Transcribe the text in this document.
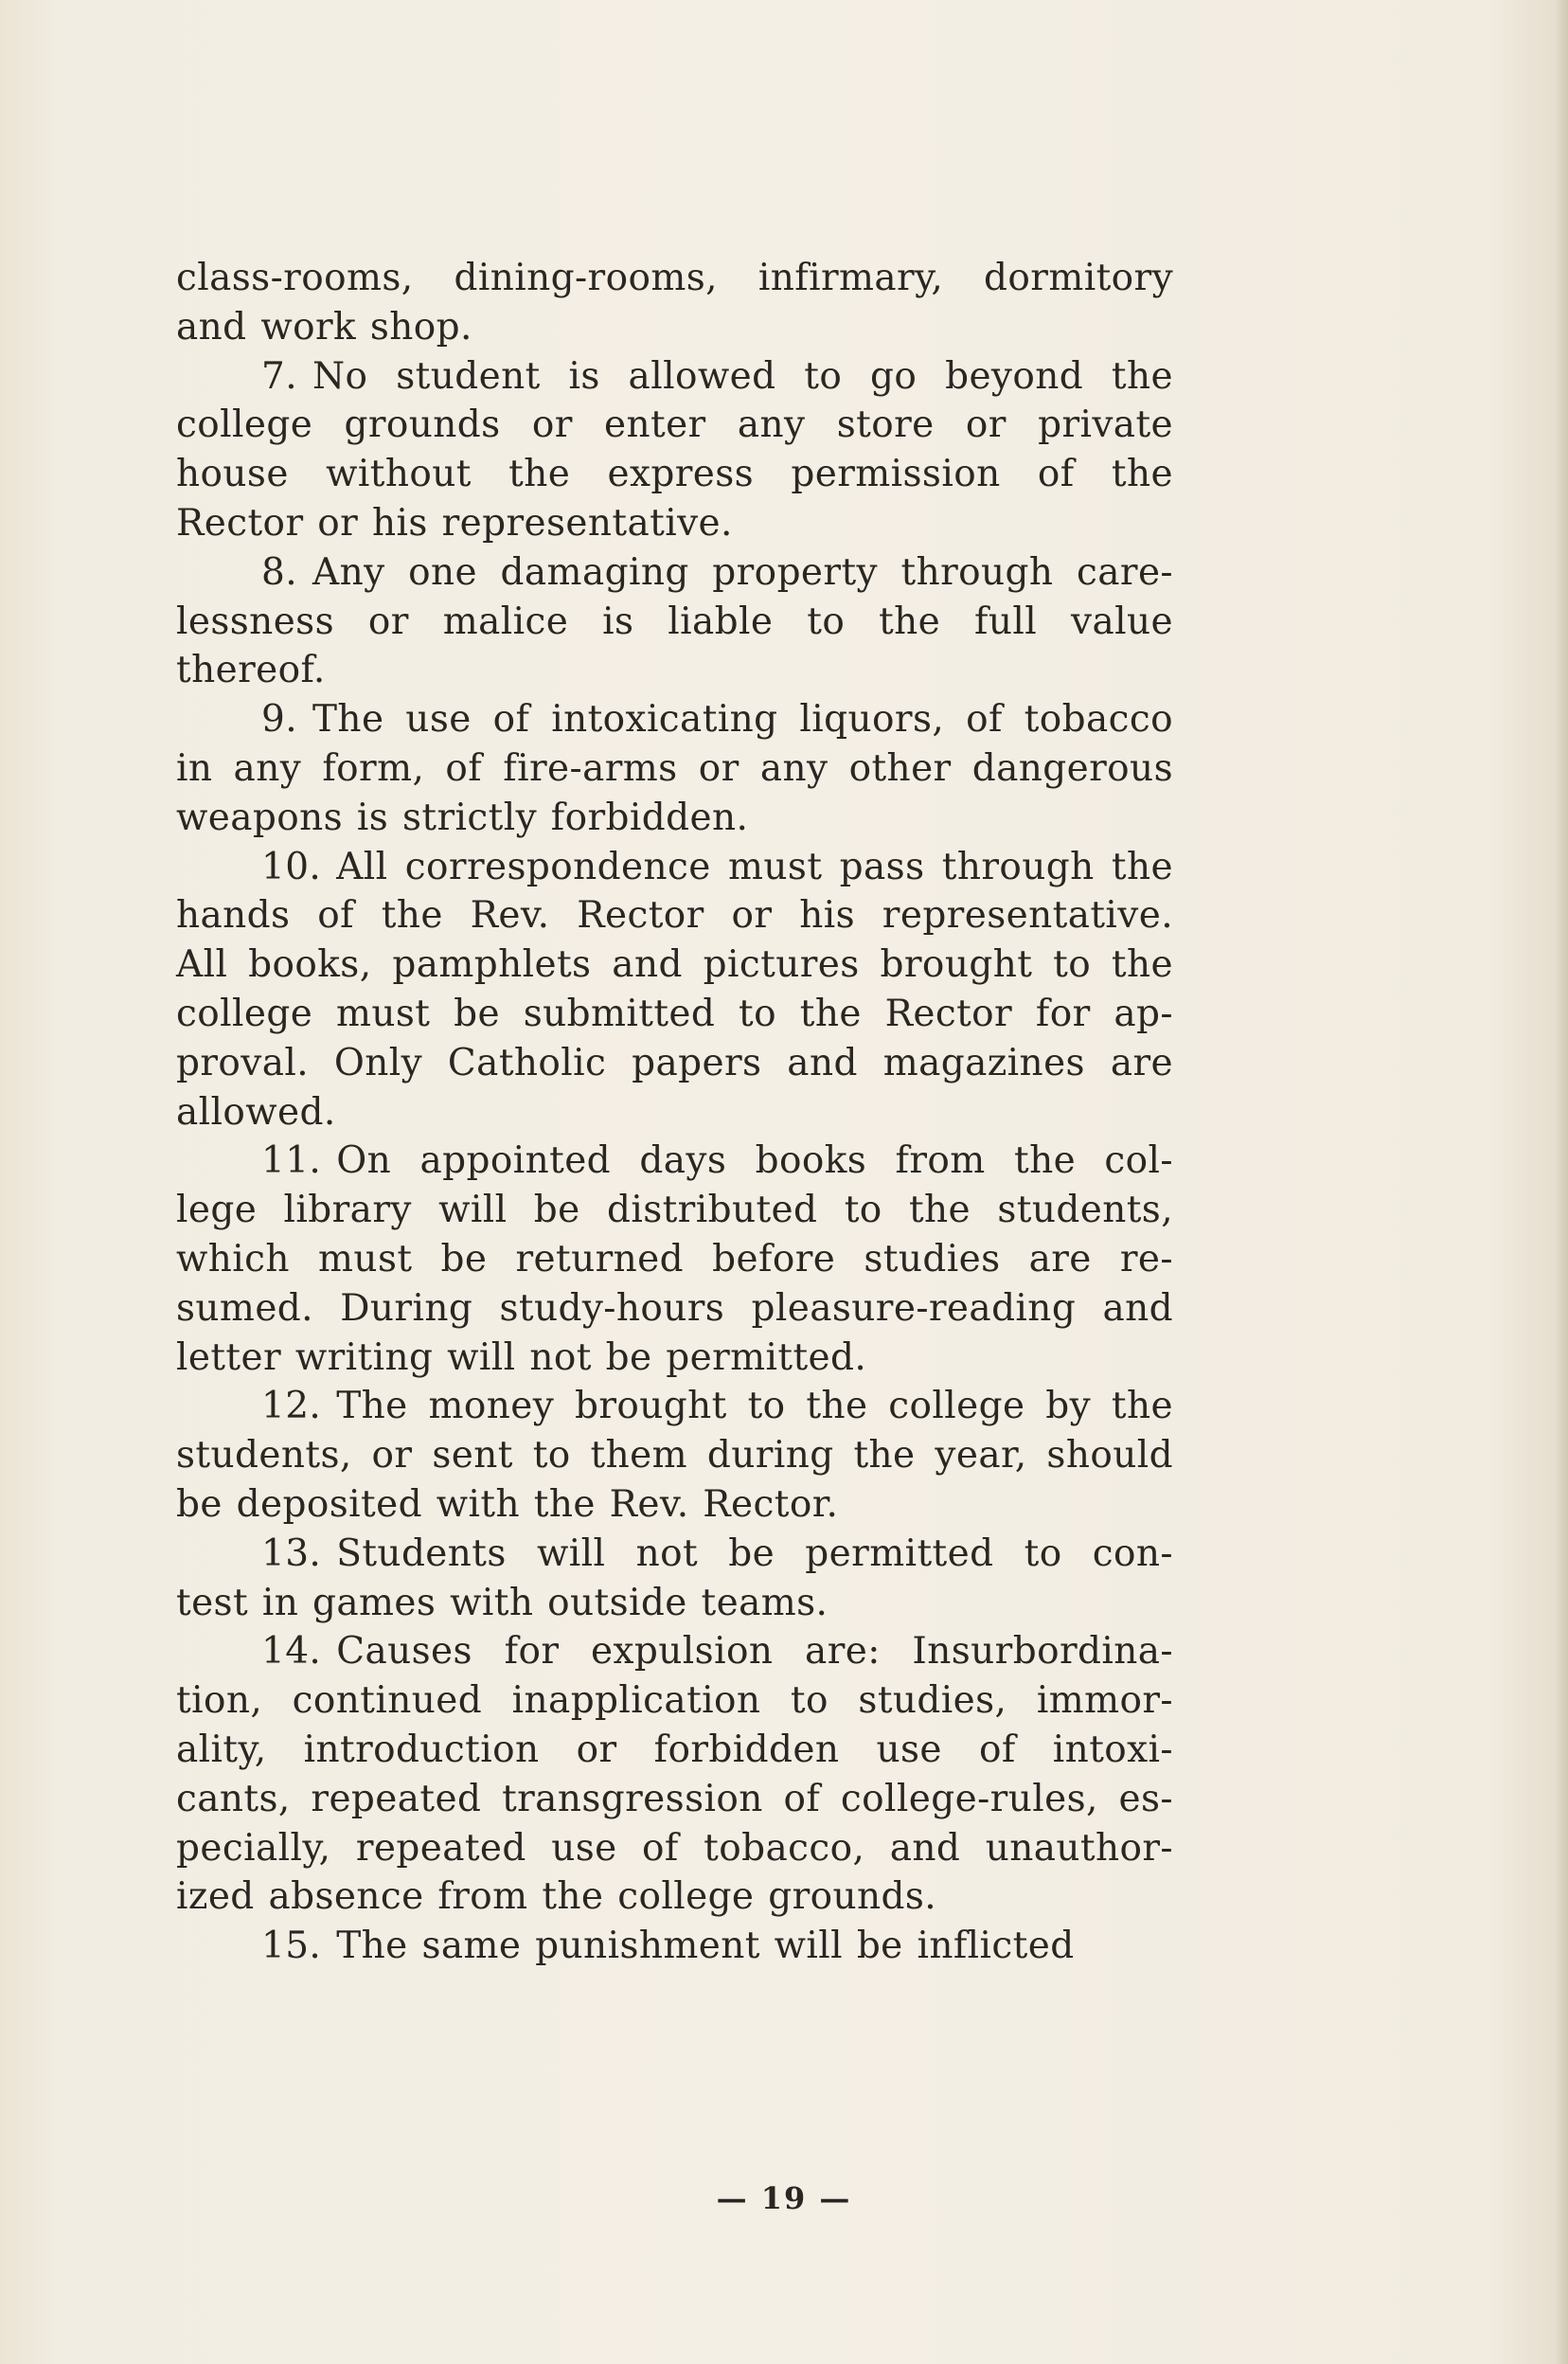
class-rooms, dining-rooms, infirmary, dormitory
and work shop.
7. No student is allowed to go beyond the
college grounds or enter any store or private
house without the express permission of the
Rector or his representative.
8. Any one damaging property through care-
lessness or malice is liable to the full value
thereof.
9. The use of intoxicating liquors, of tobacco
in any form, of fire-arms or any other dangerous
weapons is strictly forbidden.
10. All correspondence must pass through the
hands of the Rev. Rector or his representative.
All books, pamphlets and pictures brought to the
college must be submitted to the Rector for ap-
proval. Only Catholic papers and magazines are
allowed.
11. On appointed days books from the col-
lege library will be distributed to the students,
which must be returned before studies are re-
sumed. During study-hours pleasure-reading and
letter writing will not be permitted.
12. The money brought to the college by the
students, or sent to them during the year, should
be deposited with the Rev. Rector.
13. Students will not be permitted to con-
test in games with outside teams.
14. Causes for expulsion are: Insurbordina-
tion, continued inapplication to studies, immor-
ality, introduction or forbidden use of intoxi-
cants, repeated transgression of college-rules, es-
pecially, repeated use of tobacco, and unauthor-
ized absence from the college grounds.
15. The same punishment will be inflicted
— 19 —
